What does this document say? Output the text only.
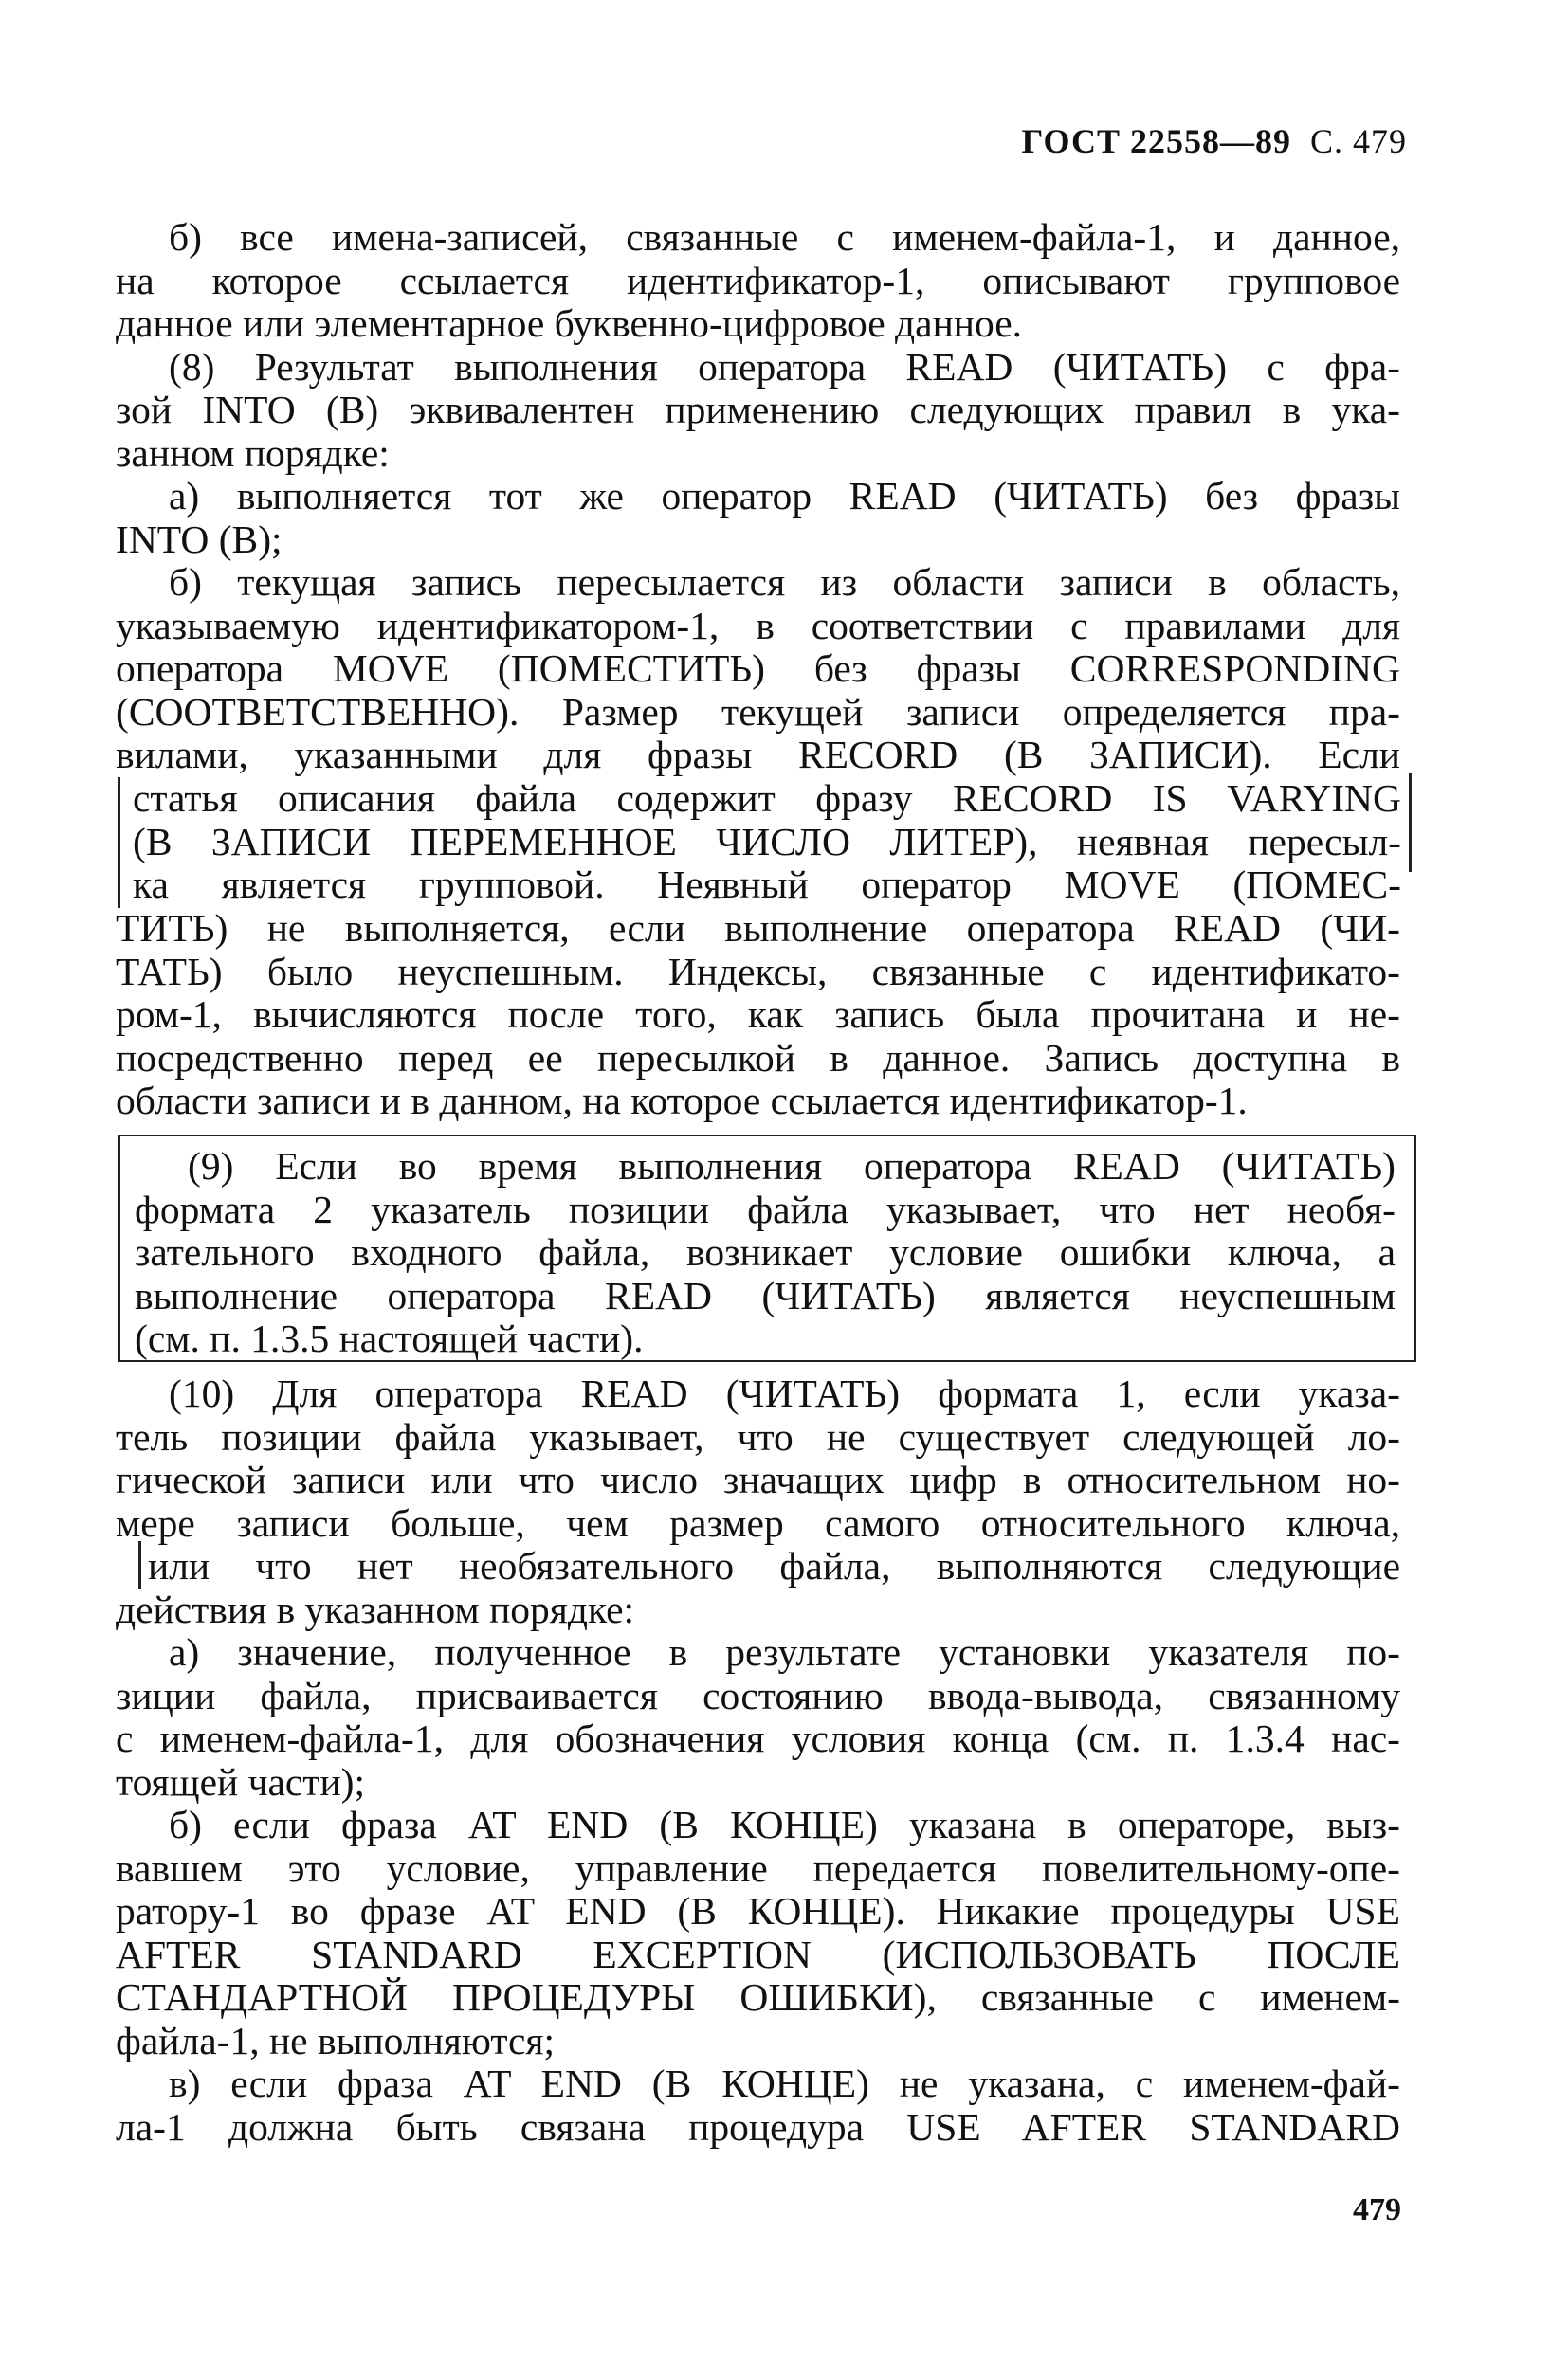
ГОСТ 22558—89 С. 479
б) все имена-записей, связанные с именем-файла-1, и данное,
на которое ссылается идентификатор-1, описывают групповое
данное или элементарное буквенно-цифровое данное.
(8) Результат выполнения оператора READ (ЧИТАТЬ) с фра-
зой INTO (В) эквивалентен применению следующих правил в ука-
занном порядке:
а) выполняется тот же оператор READ (ЧИТАТЬ) без фразы
INTO (В);
б) текущая запись пересылается из области записи в область,
указываемую идентификатором-1, в соответствии с правилами для
оператора MOVE (ПОМЕСТИТЬ) без фразы CORRESPONDING
(СООТВЕТСТВЕННО). Размер текущей записи определяется пра-
вилами, указанными для фразы RECORD (В ЗАПИСИ). Если
статья описания файла содержит фразу RECORD IS VARYING
(В ЗАПИСИ ПЕРЕМЕННОЕ ЧИСЛО ЛИТЕР), неявная пересыл-
ка является групповой. Неявный оператор MOVE (ПОМЕС-
ТИТЬ) не выполняется, если выполнение оператора READ (ЧИ-
ТАТЬ) было неуспешным. Индексы, связанные с идентификато-
ром-1, вычисляются после того, как запись была прочитана и не-
посредственно перед ее пересылкой в данное. Запись доступна в
области записи и в данном, на которое ссылается идентификатор-1.
(9) Если во время выполнения оператора READ (ЧИТАТЬ)
формата 2 указатель позиции файла указывает, что нет необя-
зательного входного файла, возникает условие ошибки ключа, а
выполнение оператора READ (ЧИТАТЬ) является неуспешным
(см. п. 1.3.5 настоящей части).
(10) Для оператора READ (ЧИТАТЬ) формата 1, если указа-
тель позиции файла указывает, что не существует следующей ло-
гической записи или что число значащих цифр в относительном но-
мере записи больше, чем размер самого относительного ключа,
или что нет необязательного файла, выполняются следующие
действия в указанном порядке:
а) значение, полученное в результате установки указателя по-
зиции файла, присваивается состоянию ввода-вывода, связанному
с именем-файла-1, для обозначения условия конца (см. п. 1.3.4 нас-
тоящей части);
б) если фраза AT END (В КОНЦЕ) указана в операторе, выз-
вавшем это условие, управление передается повелительному-опе-
ратору-1 во фразе AT END (В КОНЦЕ). Никакие процедуры USE
AFTER STANDARD EXCEPTION (ИСПОЛЬЗОВАТЬ ПОСЛЕ
СТАНДАРТНОЙ ПРОЦЕДУРЫ ОШИБКИ), связанные с именем-
файла-1, не выполняются;
в) если фраза AT END (В КОНЦЕ) не указана, с именем-фай-
ла-1 должна быть связана процедура USE AFTER STANDARD
479
